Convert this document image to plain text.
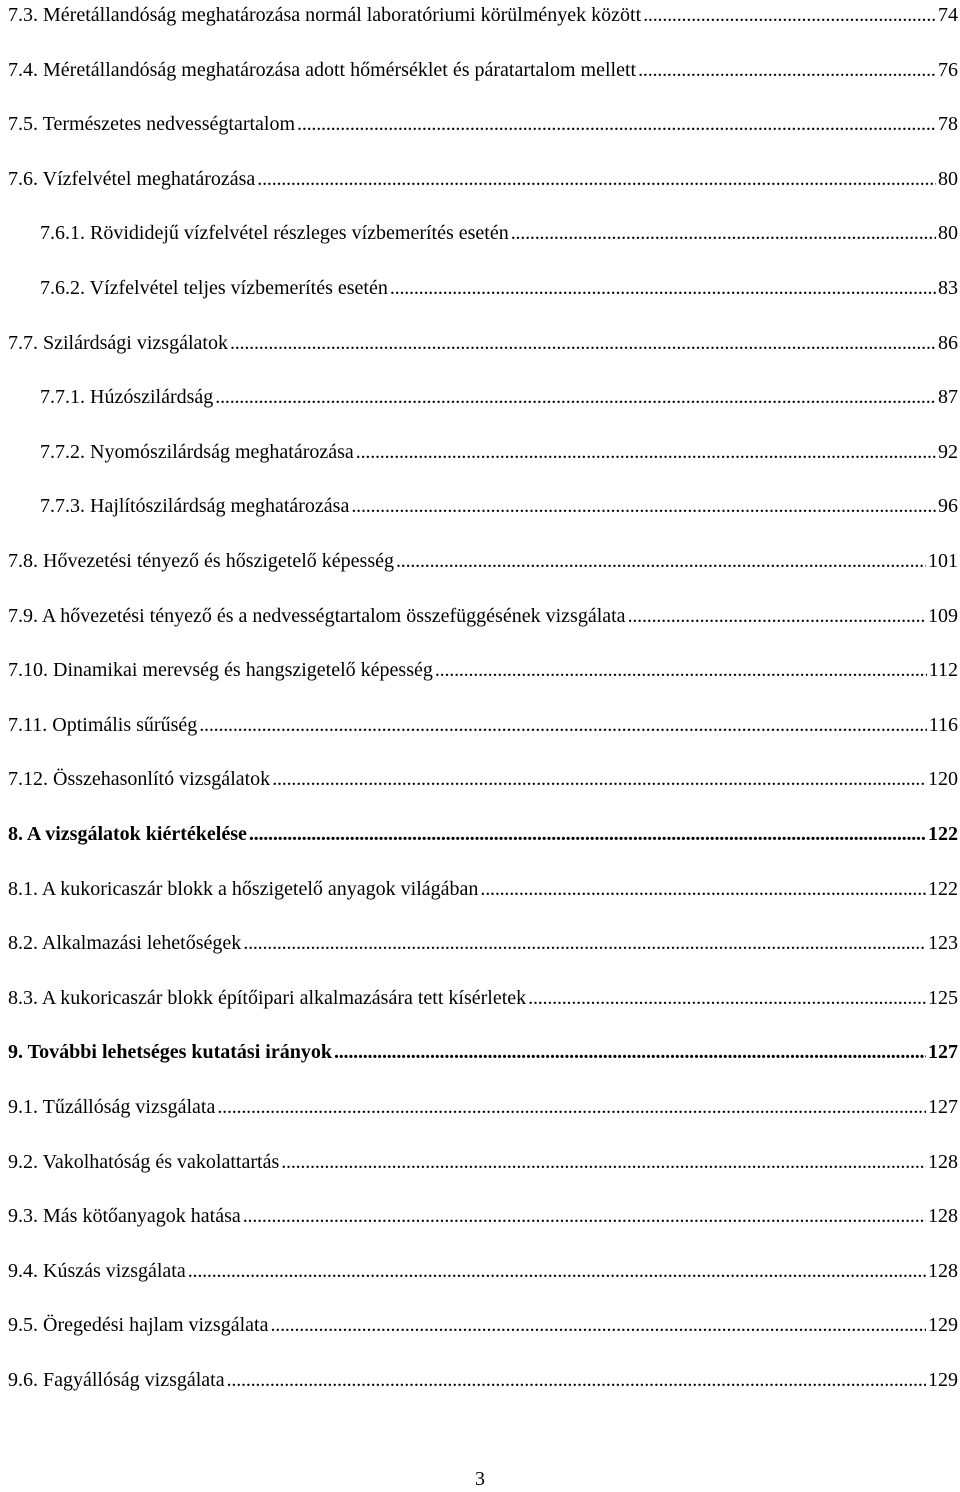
7.3. Méretállandóság meghatározása normál laboratóriumi körülmények között . . .	74
7.4. Méretállandóság meghatározása adott hőmérséklet és páratartalom mellett . . .	76
7.5. Természetes nedvességtartalom . . .	78
7.6. Vízfelvétel meghatározása . . .	80
7.6.1. Rövididejű vízfelvétel részleges vízbemerítés esetén . . .	80
7.6.2. Vízfelvétel teljes vízbemerítés esetén . . .	83
7.7. Szilárdsági vizsgálatok . . .	86
7.7.1. Húzószilárdság . . .	87
7.7.2. Nyomószilárdság meghatározása . . .	92
7.7.3. Hajlítószilárdság meghatározása . . .	96
7.8. Hővezetési tényező és hőszigetelő képesség . . .	101
7.9. A hővezetési tényező és a nedvességtartalom összefüggésének vizsgálata . . .	109
7.10. Dinamikai merevség és hangszigetelő képesség . . .	112
7.11. Optimális sűrűség . . .	116
7.12. Összehasonlító vizsgálatok . . .	120
8. A vizsgálatok kiértékelése . . .	122
8.1. A kukoricaszár blokk a hőszigetelő anyagok világában . . .	122
8.2. Alkalmazási lehetőségek . . .	123
8.3. A kukoricaszár blokk építőipari alkalmazására tett kísérletek . . .	125
9. További lehetséges kutatási irányok . . .	127
9.1. Tűzállóság vizsgálata . . .	127
9.2. Vakolhatóság és vakolattartás . . .	128
9.3. Más kötőanyagok hatása . . .	128
9.4. Kúszás vizsgálata . . .	128
9.5. Öregedési hajlam vizsgálata . . .	129
9.6. Fagyállóság vizsgálata . . .	129
3
